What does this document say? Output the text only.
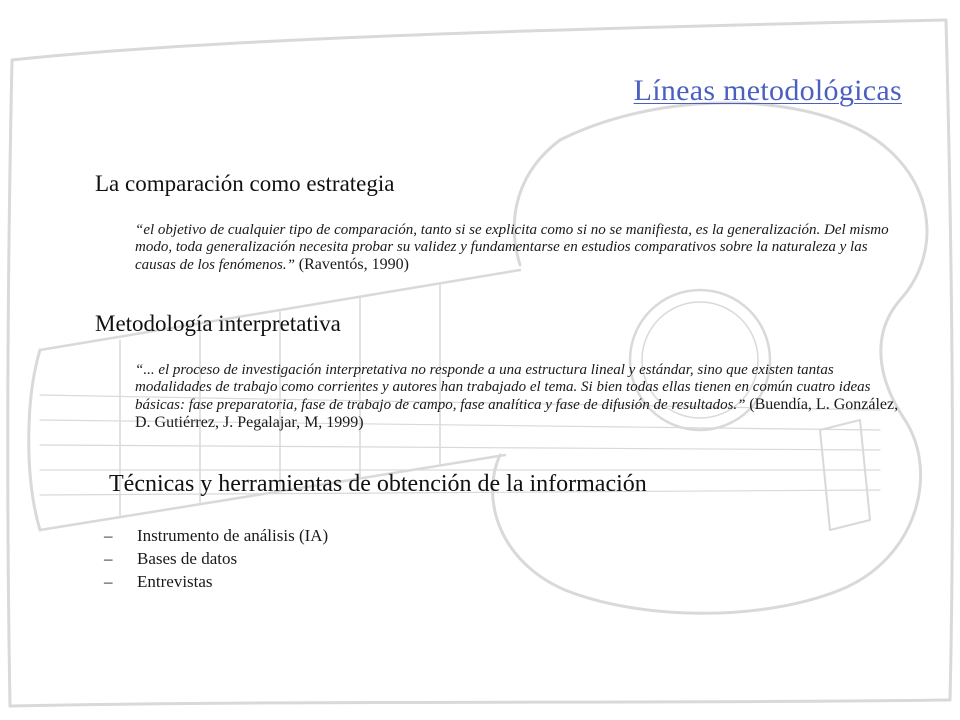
Líneas metodológicas
La comparación como estrategia
“el objetivo de cualquier tipo de comparación, tanto si se explicita como si no se manifiesta, es la generalización. Del mismo modo, toda generalización necesita probar su validez y fundamentarse en estudios comparativos sobre la naturaleza y las causas de los fenómenos.” (Raventós, 1990)
Metodología interpretativa
“... el proceso de investigación interpretativa no responde a una estructura lineal y estándar, sino que existen tantas modalidades de trabajo como corrientes y autores han trabajado el tema. Si bien todas ellas tienen en común cuatro ideas básicas: fase preparatoria, fase de trabajo de campo, fase analítica y fase de difusión de resultados.” (Buendía, L. González, D. Gutiérrez, J. Pegalajar, M, 1999)
Técnicas y herramientas de obtención de la información
–	Instrumento de análisis (IA)
–	Bases de datos
–	Entrevistas
